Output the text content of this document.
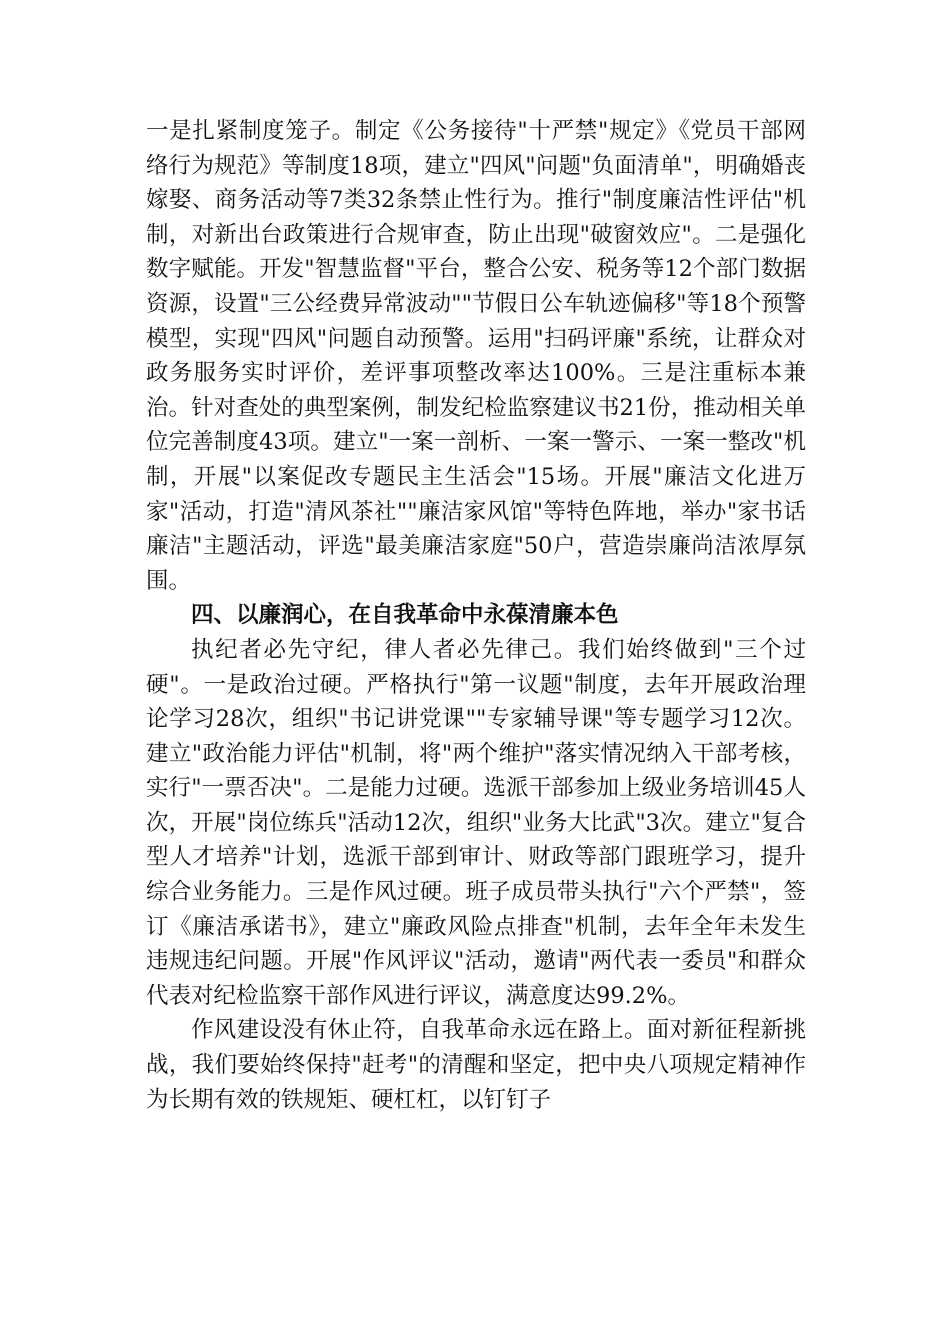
一是扎紧制度笼子。制定《公务接待"十严禁"规定》《党员干部网络行为规范》等制度18项，建立"四风"问题"负面清单"，明确婚丧嫁娶、商务活动等7类32条禁止性行为。推行"制度廉洁性评估"机制，对新出台政策进行合规审查，防止出现"破窗效应"。二是强化数字赋能。开发"智慧监督"平台，整合公安、税务等12个部门数据资源，设置"三公经费异常波动""节假日公车轨迹偏移"等18个预警模型，实现"四风"问题自动预警。运用"扫码评廉"系统，让群众对政务服务实时评价，差评事项整改率达100%。三是注重标本兼治。针对查处的典型案例，制发纪检监察建议书21份，推动相关单位完善制度43项。建立"一案一剖析、一案一警示、一案一整改"机制，开展"以案促改专题民主生活会"15场。开展"廉洁文化进万家"活动，打造"清风茶社""廉洁家风馆"等特色阵地，举办"家书话廉洁"主题活动，评选"最美廉洁家庭"50户，营造崇廉尚洁浓厚氛围。

四、以廉润心，在自我革命中永葆清廉本色

执纪者必先守纪，律人者必先律己。我们始终做到"三个过硬"。一是政治过硬。严格执行"第一议题"制度，去年开展政治理论学习28次，组织"书记讲党课""专家辅导课"等专题学习12次。建立"政治能力评估"机制，将"两个维护"落实情况纳入干部考核，实行"一票否决"。二是能力过硬。选派干部参加上级业务培训45人次，开展"岗位练兵"活动12次，组织"业务大比武"3次。建立"复合型人才培养"计划，选派干部到审计、财政等部门跟班学习，提升综合业务能力。三是作风过硬。班子成员带头执行"六个严禁"，签订《廉洁承诺书》，建立"廉政风险点排查"机制，去年全年未发生违规违纪问题。开展"作风评议"活动，邀请"两代表一委员"和群众代表对纪检监察干部作风进行评议，满意度达99.2%。

作风建设没有休止符，自我革命永远在路上。面对新征程新挑战，我们要始终保持"赶考"的清醒和坚定，把中央八项规定精神作为长期有效的铁规矩、硬杠杠，以钉钉子
